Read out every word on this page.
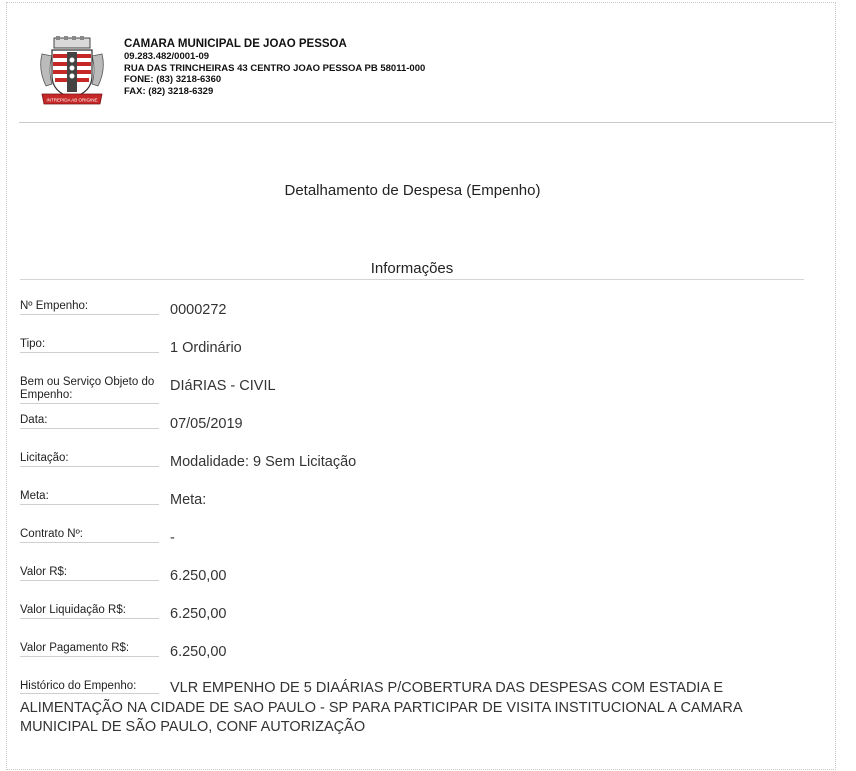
INTREPIDA AB ORIGINE
CAMARA MUNICIPAL DE JOAO PESSOA
09.283.482/0001-09
RUA DAS TRINCHEIRAS 43 CENTRO JOAO PESSOA PB 58011-000
FONE: (83) 3218-6360
FAX: (82) 3218-6329
Detalhamento de Despesa (Empenho)
Informações
Nº Empenho:	0000272
Tipo:	1 Ordinário
Bem ou Serviço Objeto do Empenho:
DIáRIAS - CIVIL
Data:	07/05/2019
Licitação:	Modalidade: 9 Sem Licitação
Meta:	Meta:
Contrato Nº:	-
Valor R$:	6.250,00
Valor Liquidação R$:	6.250,00
Valor Pagamento R$:	6.250,00
Histórico do Empenho: VLR EMPENHO DE 5 DIAÁRIAS P/COBERTURA DAS DESPESAS COM ESTADIA E ALIMENTAÇÃO NA CIDADE DE SAO PAULO - SP PARA PARTICIPAR DE VISITA INSTITUCIONAL A CAMARA MUNICIPAL DE SÃO PAULO, CONF AUTORIZAÇÃO
